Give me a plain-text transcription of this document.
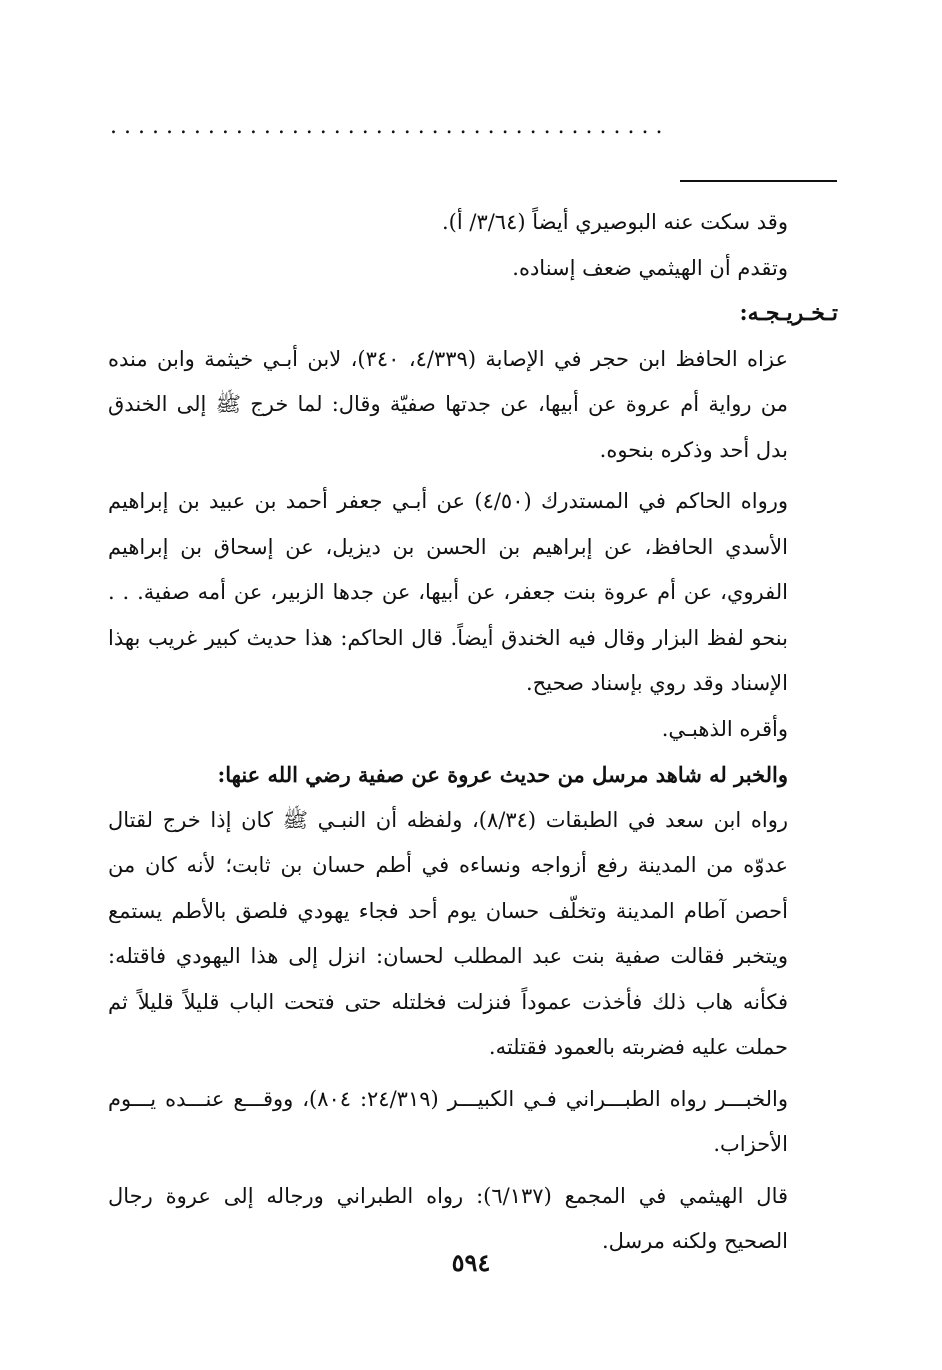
. . . . . . . . . . . . . . . . . . . . . . . . . . . . . . . . . . . . . . . .

وقد سكت عنه البوصيري أيضاً (٣/٦٤/ أ).

وتقدم أن الهيثمي ضعف إسناده.

تـخـريـجـه:

عزاه الحافظ ابن حجر في الإصابة (٤/٣٣٩، ٣٤٠)، لابن أبـي خيثمة وابن منده من رواية أم عروة عن أبيها، عن جدتها صفيّة وقال: لما خرج ﷺ إلى الخندق بدل أحد وذكره بنحوه.

ورواه الحاكم في المستدرك (٤/٥٠) عن أبـي جعفر أحمد بن عبيد بن إبراهيم الأسدي الحافظ، عن إبراهيم بن الحسن بن ديزيل، عن إسحاق بن إبراهيم الفروي، عن أم عروة بنت جعفر، عن أبيها، عن جدها الزبير، عن أمه صفية. . . بنحو لفظ البزار وقال فيه الخندق أيضاً. قال الحاكم: هذا حديث كبير غريب بهذا الإسناد وقد روي بإسناد صحيح.

وأقره الذهبـي.

والخبر له شاهد مرسل من حديث عروة عن صفية رضي الله عنها:

رواه ابن سعد في الطبقات (٨/٣٤)، ولفظه أن النبـي ﷺ كان إذا خرج لقتال عدوّه من المدينة رفع أزواجه ونساءه في أطم حسان بن ثابت؛ لأنه كان من أحصن آطام المدينة وتخلّف حسان يوم أحد فجاء يهودي فلصق بالأطم يستمع ويتخبر فقالت صفية بنت عبد المطلب لحسان: انزل إلى هذا اليهودي فاقتله: فكأنه هاب ذلك فأخذت عموداً فنزلت فخلتله حتى فتحت الباب قليلاً قليلاً ثم حملت عليه فضربته بالعمود فقتلته.

والخبـــر رواه الطبـــراني فـي الكبيـــر (٢٤/٣١٩: ٨٠٤)، ووقـــع عنـــده يـــوم الأحزاب.

قال الهيثمي في المجمع (٦/١٣٧): رواه الطبراني ورجاله إلى عروة رجال الصحيح ولكنه مرسل.

٥٩٤
